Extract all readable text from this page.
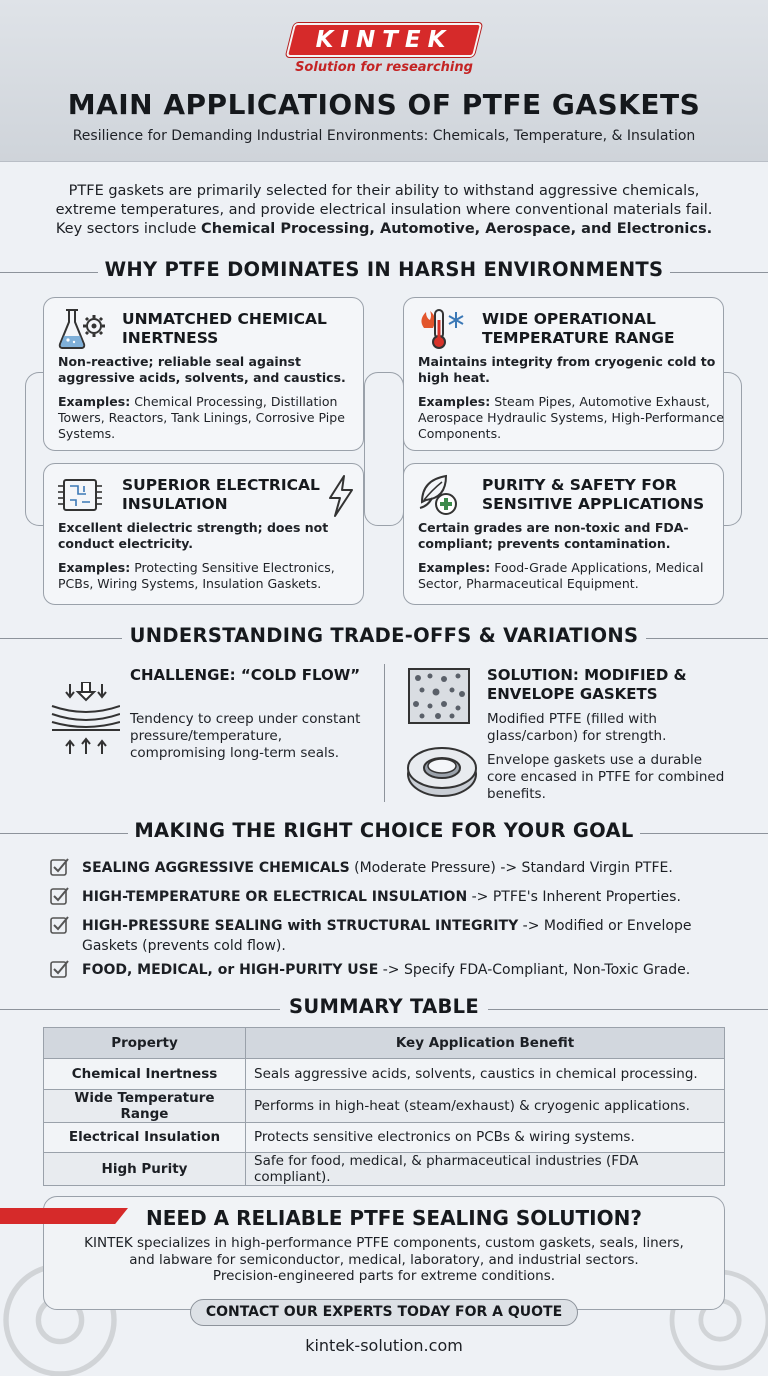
KINTEK
Solution for researching
MAIN APPLICATIONS OF PTFE GASKETS
Resilience for Demanding Industrial Environments: Chemicals, Temperature, & Insulation
PTFE gaskets are primarily selected for their ability to withstand aggressive chemicals,
extreme temperatures, and provide electrical insulation where conventional materials fail.
Key sectors include Chemical Processing, Automotive, Aerospace, and Electronics.
WHY PTFE DOMINATES IN HARSH ENVIRONMENTS
UNMATCHED CHEMICAL INERTNESS
Non-reactive; reliable seal against aggressive acids, solvents, and caustics.
Examples: Chemical Processing, Distillation Towers, Reactors, Tank Linings, Corrosive Pipe Systems.
WIDE OPERATIONAL TEMPERATURE RANGE
Maintains integrity from cryogenic cold to high heat.
Examples: Steam Pipes, Automotive Exhaust, Aerospace Hydraulic Systems, High-Performance Components.
SUPERIOR ELECTRICAL INSULATION
Excellent dielectric strength; does not conduct electricity.
Examples: Protecting Sensitive Electronics, PCBs, Wiring Systems, Insulation Gaskets.
PURITY & SAFETY FOR SENSITIVE APPLICATIONS
Certain grades are non-toxic and FDA-compliant; prevents contamination.
Examples: Food-Grade Applications, Medical Sector, Pharmaceutical Equipment.
UNDERSTANDING TRADE-OFFS & VARIATIONS
CHALLENGE: “COLD FLOW”
Tendency to creep under constant pressure/temperature, compromising long-term seals.
SOLUTION: MODIFIED & ENVELOPE GASKETS
Modified PTFE (filled with glass/carbon) for strength.
Envelope gaskets use a durable core encased in PTFE for combined benefits.
MAKING THE RIGHT CHOICE FOR YOUR GOAL
SEALING AGGRESSIVE CHEMICALS (Moderate Pressure) -> Standard Virgin PTFE.
HIGH-TEMPERATURE OR ELECTRICAL INSULATION -> PTFE's Inherent Properties.
HIGH-PRESSURE SEALING with STRUCTURAL INTEGRITY -> Modified or Envelope Gaskets (prevents cold flow).
FOOD, MEDICAL, or HIGH-PURITY USE -> Specify FDA-Compliant, Non-Toxic Grade.
SUMMARY TABLE
Property	Key Application Benefit
Chemical Inertness	Seals aggressive acids, solvents, caustics in chemical processing.
Wide Temperature Range	Performs in high-heat (steam/exhaust) & cryogenic applications.
Electrical Insulation	Protects sensitive electronics on PCBs & wiring systems.
High Purity	Safe for food, medical, & pharmaceutical industries (FDA compliant).
NEED A RELIABLE PTFE SEALING SOLUTION?
KINTEK specializes in high-performance PTFE components, custom gaskets, seals, liners,
and labware for semiconductor, medical, laboratory, and industrial sectors.
Precision-engineered parts for extreme conditions.
CONTACT OUR EXPERTS TODAY FOR A QUOTE
kintek-solution.com
